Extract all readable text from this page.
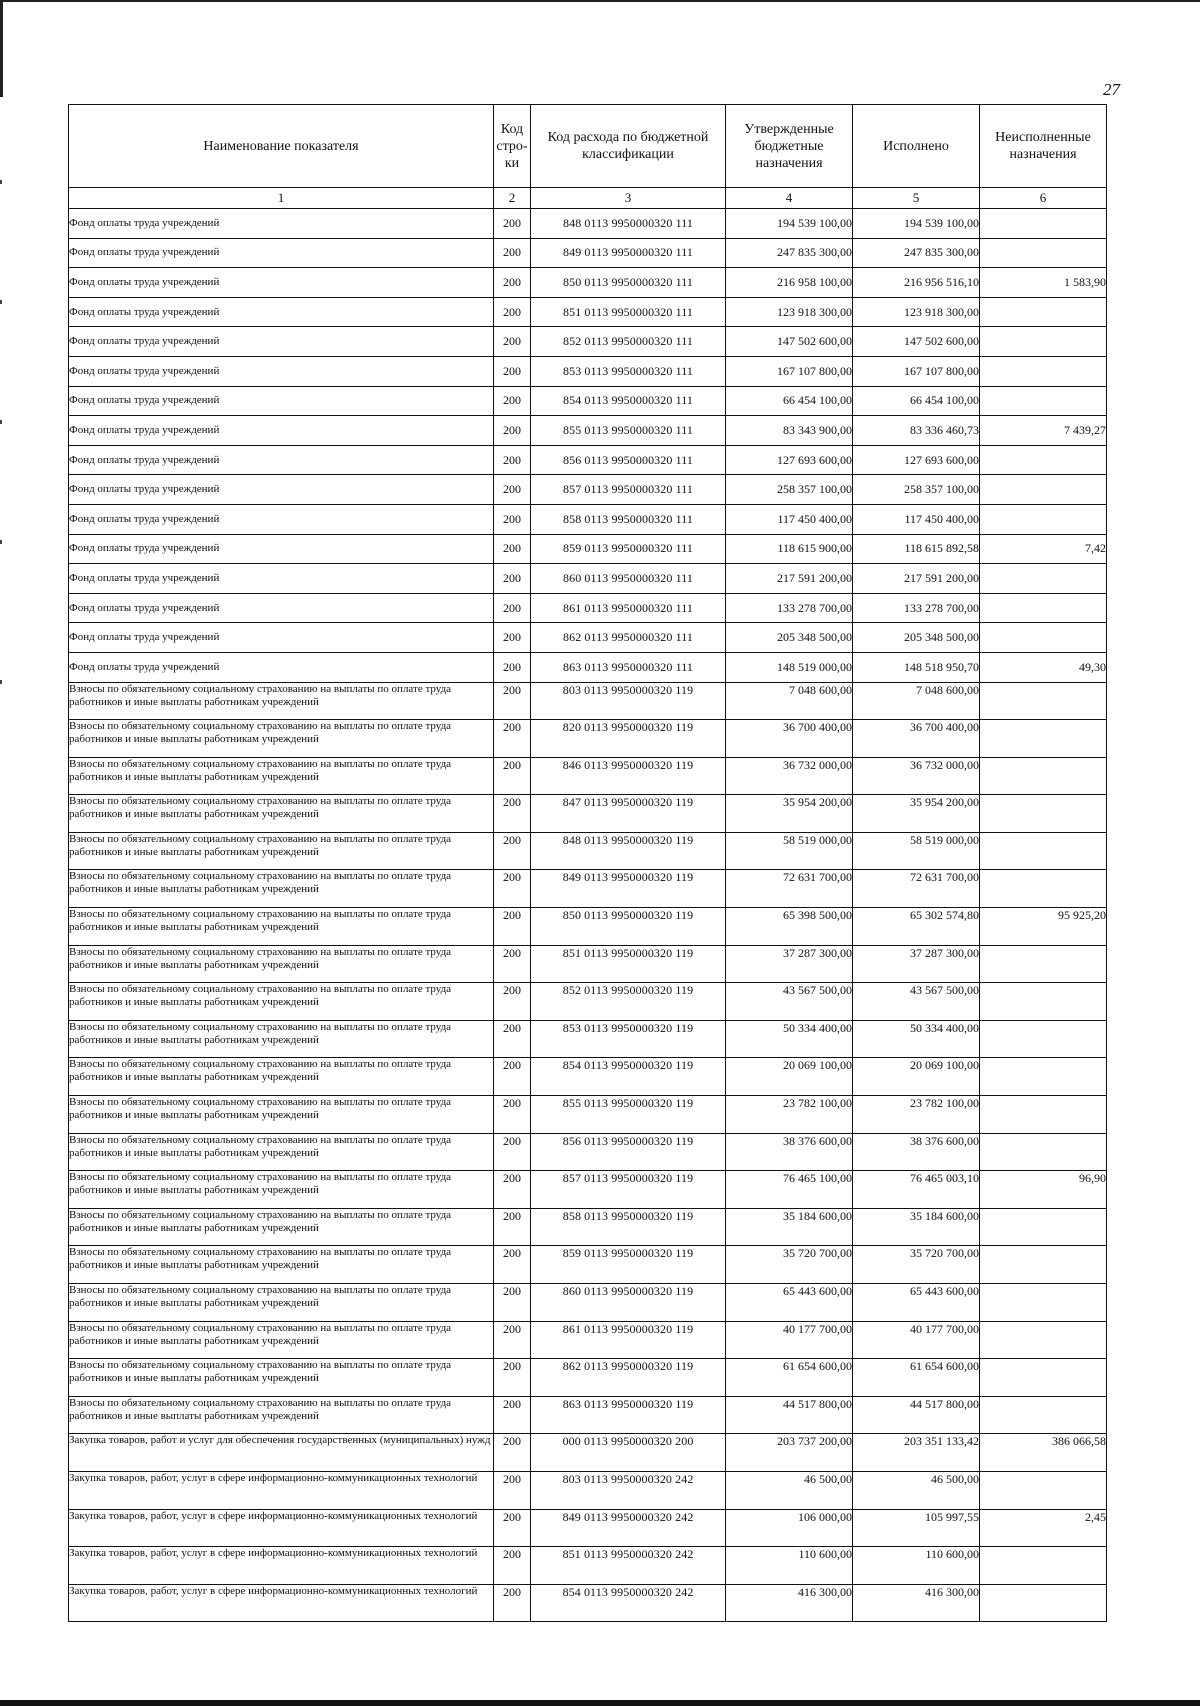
27
Наименование показателя	Код стро-ки	Код расхода по бюджетной классификации	Утвержденные бюджетные назначения	Исполнено	Неисполненные назначения
1	2	3	4	5	6
Фонд оплаты труда учреждений	200	848 0113 9950000320 111	194 539 100,00	194 539 100,00	
Фонд оплаты труда учреждений	200	849 0113 9950000320 111	247 835 300,00	247 835 300,00	
Фонд оплаты труда учреждений	200	850 0113 9950000320 111	216 958 100,00	216 956 516,10	1 583,90
Фонд оплаты труда учреждений	200	851 0113 9950000320 111	123 918 300,00	123 918 300,00	
Фонд оплаты труда учреждений	200	852 0113 9950000320 111	147 502 600,00	147 502 600,00	
Фонд оплаты труда учреждений	200	853 0113 9950000320 111	167 107 800,00	167 107 800,00	
Фонд оплаты труда учреждений	200	854 0113 9950000320 111	66 454 100,00	66 454 100,00	
Фонд оплаты труда учреждений	200	855 0113 9950000320 111	83 343 900,00	83 336 460,73	7 439,27
Фонд оплаты труда учреждений	200	856 0113 9950000320 111	127 693 600,00	127 693 600,00	
Фонд оплаты труда учреждений	200	857 0113 9950000320 111	258 357 100,00	258 357 100,00	
Фонд оплаты труда учреждений	200	858 0113 9950000320 111	117 450 400,00	117 450 400,00	
Фонд оплаты труда учреждений	200	859 0113 9950000320 111	118 615 900,00	118 615 892,58	7,42
Фонд оплаты труда учреждений	200	860 0113 9950000320 111	217 591 200,00	217 591 200,00	
Фонд оплаты труда учреждений	200	861 0113 9950000320 111	133 278 700,00	133 278 700,00	
Фонд оплаты труда учреждений	200	862 0113 9950000320 111	205 348 500,00	205 348 500,00	
Фонд оплаты труда учреждений	200	863 0113 9950000320 111	148 519 000,00	148 518 950,70	49,30
Взносы по обязательному социальному страхованию на выплаты по оплате труда работников и иные выплаты работникам учреждений	200	803 0113 9950000320 119	7 048 600,00	7 048 600,00	
Взносы по обязательному социальному страхованию на выплаты по оплате труда работников и иные выплаты работникам учреждений	200	820 0113 9950000320 119	36 700 400,00	36 700 400,00	
Взносы по обязательному социальному страхованию на выплаты по оплате труда работников и иные выплаты работникам учреждений	200	846 0113 9950000320 119	36 732 000,00	36 732 000,00	
Взносы по обязательному социальному страхованию на выплаты по оплате труда работников и иные выплаты работникам учреждений	200	847 0113 9950000320 119	35 954 200,00	35 954 200,00	
Взносы по обязательному социальному страхованию на выплаты по оплате труда работников и иные выплаты работникам учреждений	200	848 0113 9950000320 119	58 519 000,00	58 519 000,00	
Взносы по обязательному социальному страхованию на выплаты по оплате труда работников и иные выплаты работникам учреждений	200	849 0113 9950000320 119	72 631 700,00	72 631 700,00	
Взносы по обязательному социальному страхованию на выплаты по оплате труда работников и иные выплаты работникам учреждений	200	850 0113 9950000320 119	65 398 500,00	65 302 574,80	95 925,20
Взносы по обязательному социальному страхованию на выплаты по оплате труда работников и иные выплаты работникам учреждений	200	851 0113 9950000320 119	37 287 300,00	37 287 300,00	
Взносы по обязательному социальному страхованию на выплаты по оплате труда работников и иные выплаты работникам учреждений	200	852 0113 9950000320 119	43 567 500,00	43 567 500,00	
Взносы по обязательному социальному страхованию на выплаты по оплате труда работников и иные выплаты работникам учреждений	200	853 0113 9950000320 119	50 334 400,00	50 334 400,00	
Взносы по обязательному социальному страхованию на выплаты по оплате труда работников и иные выплаты работникам учреждений	200	854 0113 9950000320 119	20 069 100,00	20 069 100,00	
Взносы по обязательному социальному страхованию на выплаты по оплате труда работников и иные выплаты работникам учреждений	200	855 0113 9950000320 119	23 782 100,00	23 782 100,00	
Взносы по обязательному социальному страхованию на выплаты по оплате труда работников и иные выплаты работникам учреждений	200	856 0113 9950000320 119	38 376 600,00	38 376 600,00	
Взносы по обязательному социальному страхованию на выплаты по оплате труда работников и иные выплаты работникам учреждений	200	857 0113 9950000320 119	76 465 100,00	76 465 003,10	96,90
Взносы по обязательному социальному страхованию на выплаты по оплате труда работников и иные выплаты работникам учреждений	200	858 0113 9950000320 119	35 184 600,00	35 184 600,00	
Взносы по обязательному социальному страхованию на выплаты по оплате труда работников и иные выплаты работникам учреждений	200	859 0113 9950000320 119	35 720 700,00	35 720 700,00	
Взносы по обязательному социальному страхованию на выплаты по оплате труда работников и иные выплаты работникам учреждений	200	860 0113 9950000320 119	65 443 600,00	65 443 600,00	
Взносы по обязательному социальному страхованию на выплаты по оплате труда работников и иные выплаты работникам учреждений	200	861 0113 9950000320 119	40 177 700,00	40 177 700,00	
Взносы по обязательному социальному страхованию на выплаты по оплате труда работников и иные выплаты работникам учреждений	200	862 0113 9950000320 119	61 654 600,00	61 654 600,00	
Взносы по обязательному социальному страхованию на выплаты по оплате труда работников и иные выплаты работникам учреждений	200	863 0113 9950000320 119	44 517 800,00	44 517 800,00	
Закупка товаров, работ и услуг для обеспечения государственных (муниципальных) нужд	200	000 0113 9950000320 200	203 737 200,00	203 351 133,42	386 066,58
Закупка товаров, работ, услуг в сфере информационно-коммуникационных технологий	200	803 0113 9950000320 242	46 500,00	46 500,00	
Закупка товаров, работ, услуг в сфере информационно-коммуникационных технологий	200	849 0113 9950000320 242	106 000,00	105 997,55	2,45
Закупка товаров, работ, услуг в сфере информационно-коммуникационных технологий	200	851 0113 9950000320 242	110 600,00	110 600,00	
Закупка товаров, работ, услуг в сфере информационно-коммуникационных технологий	200	854 0113 9950000320 242	416 300,00	416 300,00	
